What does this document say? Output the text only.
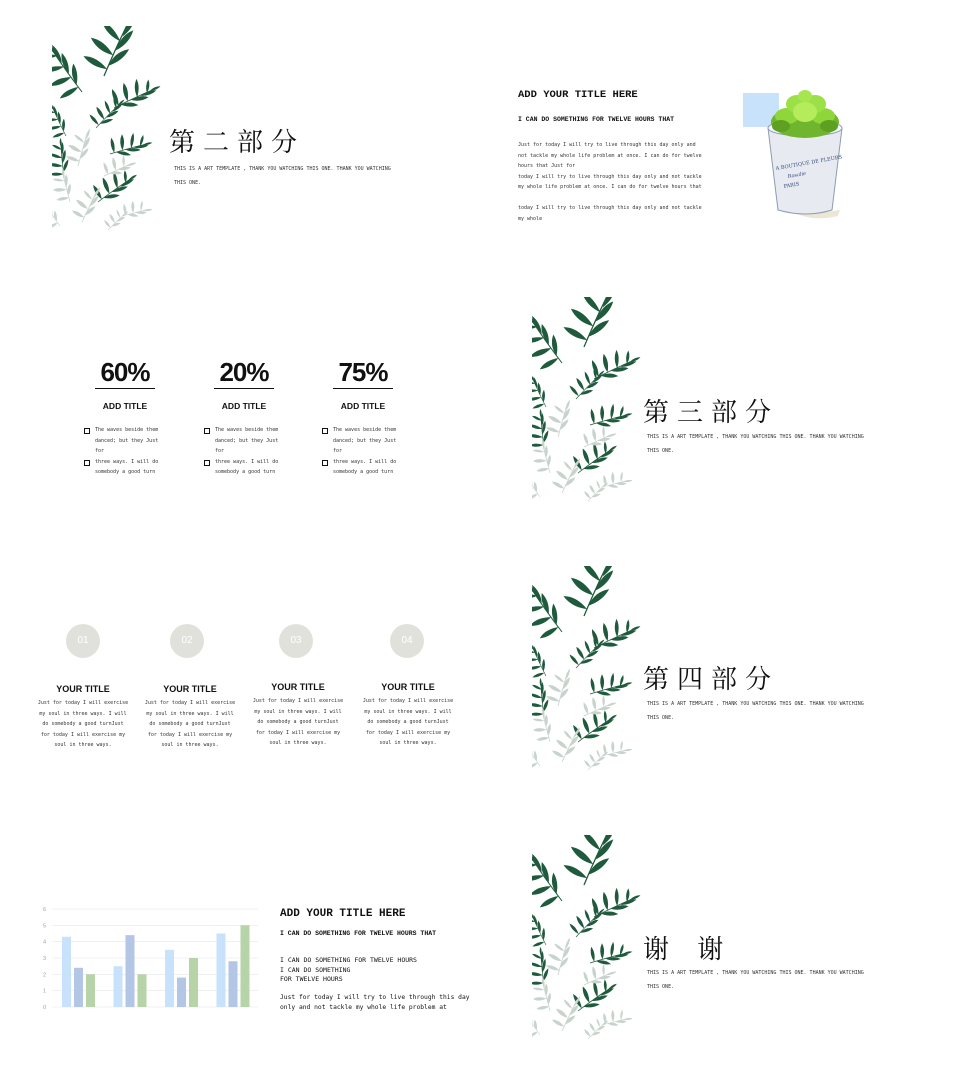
第二部分
THIS IS A ART TEMPLATE , THANK YOU WATCHING THIS ONE. THANK YOU WATCHING
THIS ONE.
ADD YOUR TITLE HERE
I CAN DO SOMETHING FOR TWELVE HOURS THAT
Just for today I will try to live through this day only and
not tackle my whole life problem at once. I can do for twelve
hours that Just for
today I will try to live through this day only and not tackle
my whole life problem at once. I can do for twelve hours that
today I will try to live through this day only and not tackle
my whole
A BOUTIQUE DE FLEURS
Rosalie
PARIS
60%
ADD TITLE
The waves beside them
danced; but they Just
for
three ways. I will do
somebody a good turn
20%
ADD TITLE
The waves beside them
danced; but they Just
for
three ways. I will do
somebody a good turn
75%
ADD TITLE
The waves beside them
danced; but they Just
for
three ways. I will do
somebody a good turn
第三部分
THIS IS A ART TEMPLATE , THANK YOU WATCHING THIS ONE. THANK YOU WATCHING
THIS ONE.
01
YOUR TITLE
Just for today I will exercise
my soul in three ways. I will
do somebody a good turnJust
for today I will exercise my
soul in three ways.
02
YOUR TITLE
Just for today I will exercise
my soul in three ways. I will
do somebody a good turnJust
for today I will exercise my
soul in three ways.
03
YOUR TITLE
Just for today I will exercise
my soul in three ways. I will
do somebody a good turnJust
for today I will exercise my
soul in three ways.
04
YOUR TITLE
Just for today I will exercise
my soul in three ways. I will
do somebody a good turnJust
for today I will exercise my
soul in three ways.
第四部分
THIS IS A ART TEMPLATE , THANK YOU WATCHING THIS ONE. THANK YOU WATCHING
THIS ONE.
0
1
2
3
4
5
6	ADD YOUR TITLE HERE
I CAN DO SOMETHING FOR TWELVE HOURS THAT
I CAN DO SOMETHING FOR TWELVE HOURS
I CAN DO SOMETHING
FOR TWELVE HOURS
Just for today I will try to live through this day
only and not tackle my whole life problem at
谢 谢
THIS IS A ART TEMPLATE , THANK YOU WATCHING THIS ONE. THANK YOU WATCHING
THIS ONE.
